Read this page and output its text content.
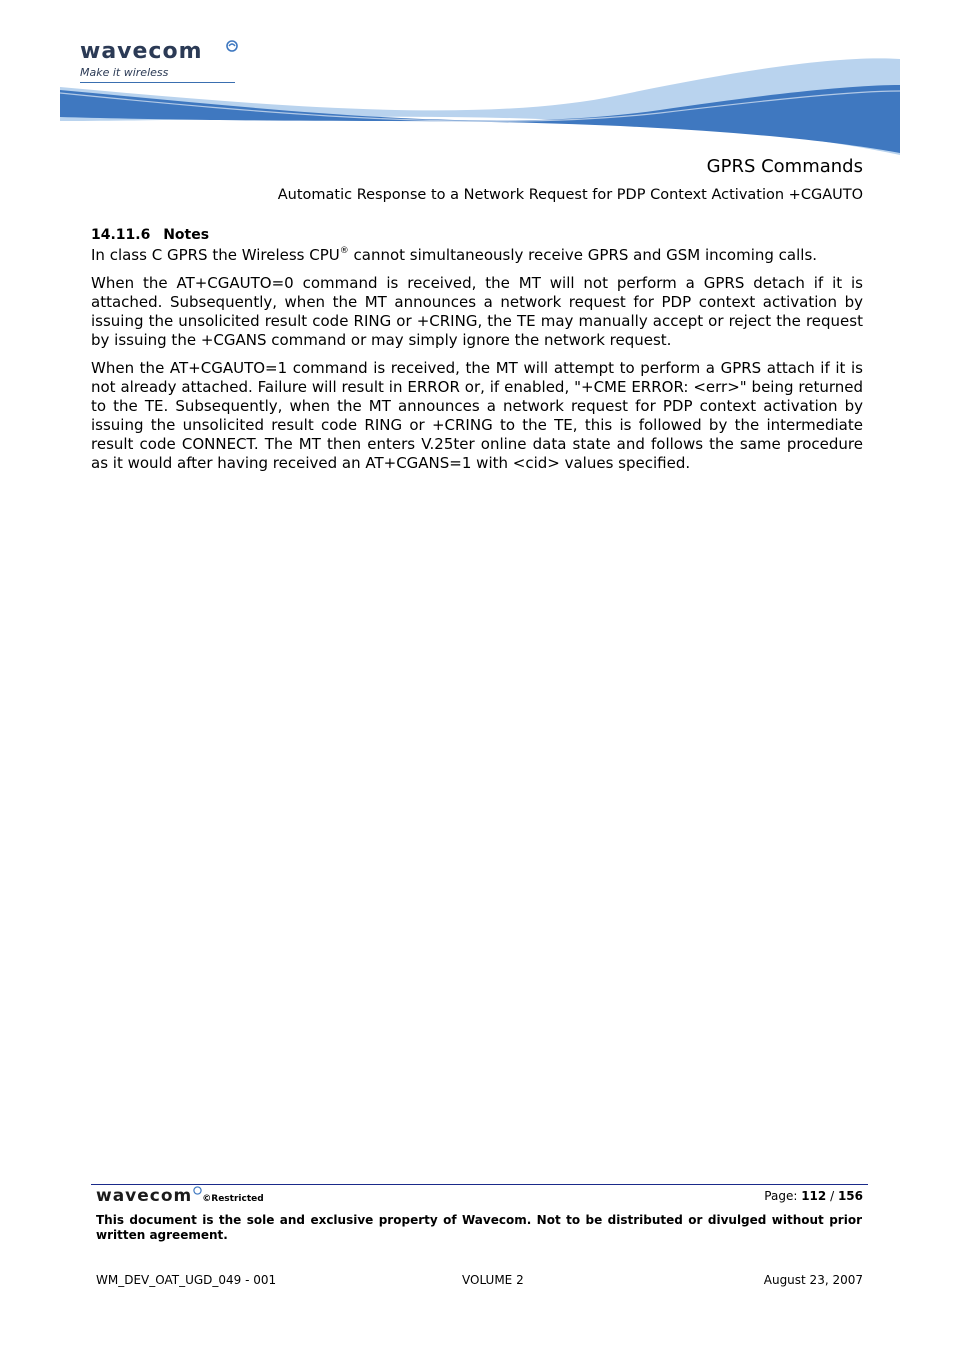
wavecom
Make it wireless
GPRS Commands
Automatic Response to a Network Request for PDP Context Activation +CGAUTO
14.11.6 Notes

In class C GPRS the Wireless CPU® cannot simultaneously receive GPRS and GSM incoming calls.

When the AT+CGAUTO=0 command is received, the MT will not perform a GPRS detach if it is attached. Subsequently, when the MT announces a network request for PDP context activation by issuing the unsolicited result code RING or +CRING, the TE may manually accept or reject the request by issuing the +CGANS command or may simply ignore the network request.

When the AT+CGAUTO=1 command is received, the MT will attempt to perform a GPRS attach if it is not already attached. Failure will result in ERROR or, if enabled, "+CME ERROR: <err>" being returned to the TE. Subsequently, when the MT announces a network request for PDP context activation by issuing the unsolicited result code RING or +CRING to the TE, this is followed by the intermediate result code CONNECT. The MT then enters V.25ter online data state and follows the same procedure as it would after having received an AT+CGANS=1 with <cid> values specified.

wavecom ©Restricted	Page: 112 / 156
This document is the sole and exclusive property of Wavecom. Not to be distributed or divulged without prior written agreement.
WM_DEV_OAT_UGD_049 - 001	VOLUME 2	August 23, 2007
